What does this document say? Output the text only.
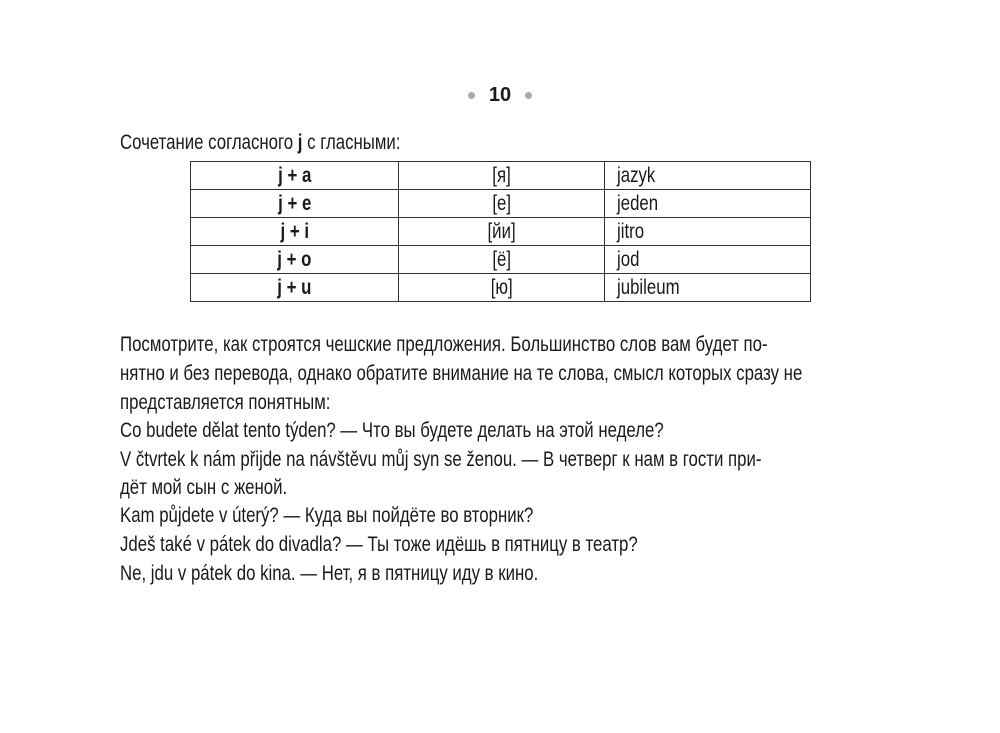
10
Сочетание согласного j с гласными:
j + a	[я]	jazyk
j + e	[е]	jeden
j + i	[йи]	jitro
j + o	[ё]	jod
j + u	[ю]	jubileum
Посмотрите, как строятся чешские предложения. Большинство слов вам будет по-
нятно и без перевода, однако обратите внимание на те слова, смысл которых сразу не
представляется понятным:
Co budete dělat tento týden? — Что вы будете делать на этой неделе?
V čtvrtek k nám přijde na návštěvu můj syn se ženou. — В четверг к нам в гости при-
дёт мой сын с женой.
Kam půjdete v úterý? — Куда вы пойдёте во вторник?
Jdeš také v pátek do divadla? — Ты тоже идёшь в пятницу в театр?
Ne, jdu v pátek do kina. — Нет, я в пятницу иду в кино.
